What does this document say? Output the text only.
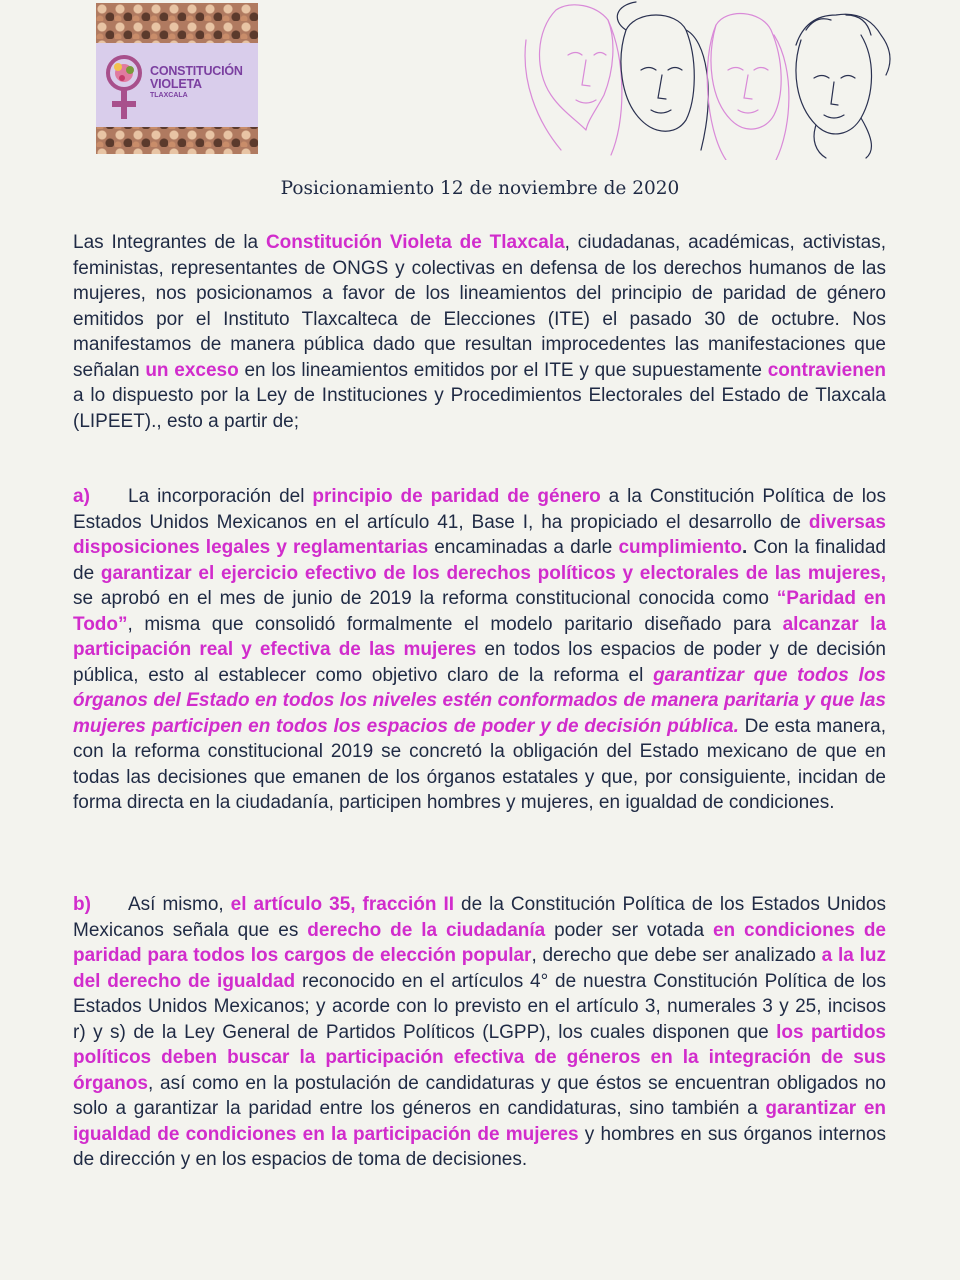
CONSTITUCIÓN
VIOLETA
TLAXCALA
Posicionamiento 12 de noviembre de 2020
Las Integrantes de la Constitución Violeta de Tlaxcala, ciudadanas, académicas, activistas, feministas, representantes de ONGS y colectivas en defensa de los derechos humanos de las mujeres, nos posicionamos a favor de los lineamientos del principio de paridad de género emitidos por el Instituto Tlaxcalteca de Elecciones (ITE) el pasado 30 de octubre. Nos manifestamos de manera pública dado que resultan improcedentes las manifestaciones que señalan un exceso en los lineamientos emitidos por el ITE y que supuestamente contravienen a lo dispuesto por la Ley de Instituciones y Procedimientos Electorales del Estado de Tlaxcala (LIPEET)., esto a partir de;
a) La incorporación del principio de paridad de género a la Constitución Política de los Estados Unidos Mexicanos en el artículo 41, Base I, ha propiciado el desarrollo de diversas disposiciones legales y reglamentarias encaminadas a darle cumplimiento. Con la finalidad de garantizar el ejercicio efectivo de los derechos políticos y electorales de las mujeres, se aprobó en el mes de junio de 2019 la reforma constitucional conocida como “Paridad en Todo”, misma que consolidó formalmente el modelo paritario diseñado para alcanzar la participación real y efectiva de las mujeres en todos los espacios de poder y de decisión pública, esto al establecer como objetivo claro de la reforma el garantizar que todos los órganos del Estado en todos los niveles estén conformados de manera paritaria y que las mujeres participen en todos los espacios de poder y de decisión pública. De esta manera, con la reforma constitucional 2019 se concretó la obligación del Estado mexicano de que en todas las decisiones que emanen de los órganos estatales y que, por consiguiente, incidan de forma directa en la ciudadanía, participen hombres y mujeres, en igualdad de condiciones.
b) Así mismo, el artículo 35, fracción II de la Constitución Política de los Estados Unidos Mexicanos señala que es derecho de la ciudadanía poder ser votada en condiciones de paridad para todos los cargos de elección popular, derecho que debe ser analizado a la luz del derecho de igualdad reconocido en el artículos 4° de nuestra Constitución Política de los Estados Unidos Mexicanos; y acorde con lo previsto en el artículo 3, numerales 3 y 25, incisos r) y s) de la Ley General de Partidos Políticos (LGPP), los cuales disponen que los partidos políticos deben buscar la participación efectiva de géneros en la integración de sus órganos, así como en la postulación de candidaturas y que éstos se encuentran obligados no solo a garantizar la paridad entre los géneros en candidaturas, sino también a garantizar en igualdad de condiciones en la participación de mujeres y hombres en sus órganos internos de dirección y en los espacios de toma de decisiones.
